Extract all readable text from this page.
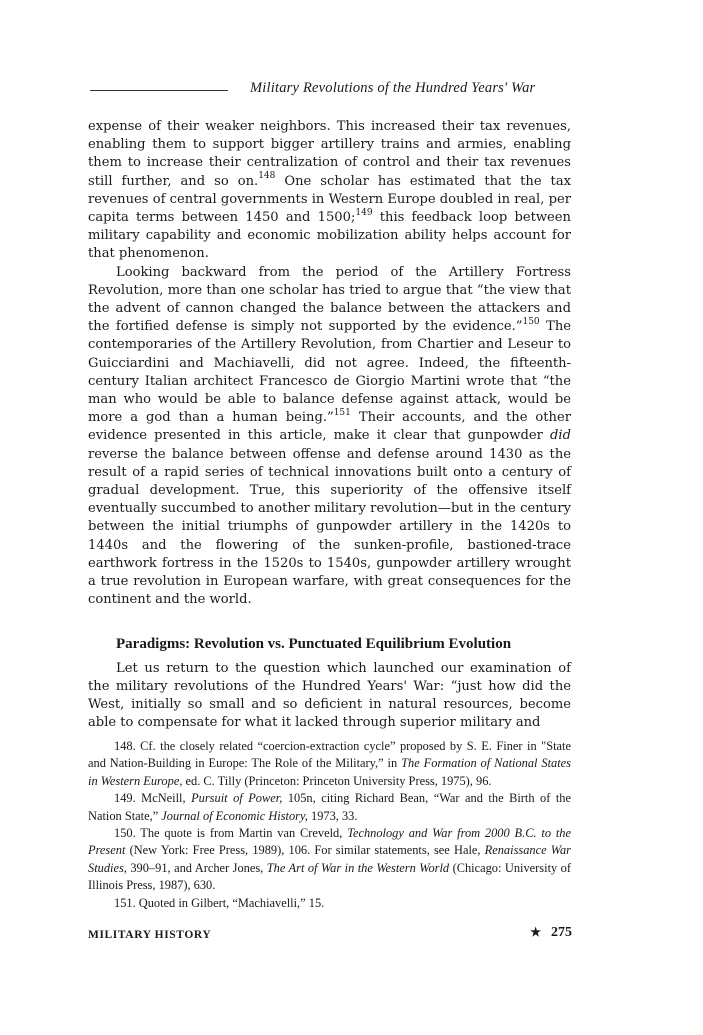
Military Revolutions of the Hundred Years' War

expense of their weaker neighbors. This increased their tax revenues, enabling them to support bigger artillery trains and armies, enabling them to increase their centralization of control and their tax revenues still further, and so on.$^{148}$ One scholar has estimated that the tax revenues of central governments in Western Europe doubled in real, per capita terms between 1450 and 1500;$^{149}$ this feedback loop between military capability and economic mobilization ability helps account for that phenomenon.

Looking backward from the period of the Artillery Fortress Revolution, more than one scholar has tried to argue that “the view that the advent of cannon changed the balance between the attackers and the fortified defense is simply not supported by the evidence.”$^{150}$ The contemporaries of the Artillery Revolution, from Chartier and Leseur to Guicciardini and Machiavelli, did not agree. Indeed, the fifteenth-century Italian architect Francesco de Giorgio Martini wrote that “the man who would be able to balance defense against attack, would be more a god than a human being.”$^{151}$ Their accounts, and the other evidence presented in this article, make it clear that gunpowder did reverse the balance between offense and defense around 1430 as the result of a rapid series of technical innovations built onto a century of gradual development. True, this superiority of the offensive itself eventually succumbed to another military revolution—but in the century between the initial triumphs of gunpowder artillery in the 1420s to 1440s and the flowering of the sunken-profile, bastioned-trace earthwork fortress in the 1520s to 1540s, gunpowder artillery wrought a true revolution in European warfare, with great consequences for the continent and the world.

Paradigms: Revolution vs. Punctuated Equilibrium Evolution

Let us return to the question which launched our examination of the military revolutions of the Hundred Years' War: “just how did the West, initially so small and so deficient in natural resources, become able to compensate for what it lacked through superior military and

148. Cf. the closely related “coercion-extraction cycle” proposed by S. E. Finer in "State and Nation-Building in Europe: The Role of the Military,” in The Formation of National States in Western Europe, ed. C. Tilly (Princeton: Princeton University Press, 1975), 96.

149. McNeill, Pursuit of Power, 105n, citing Richard Bean, “War and the Birth of the Nation State,” Journal of Economic History, 1973, 33.

150. The quote is from Martin van Creveld, Technology and War from 2000 B.C. to the Present (New York: Free Press, 1989), 106. For similar statements, see Hale, Renaissance War Studies, 390–91, and Archer Jones, The Art of War in the Western World (Chicago: University of Illinois Press, 1987), 630.

151. Quoted in Gilbert, “Machiavelli,” 15.

MILITARY HISTORY	★ 275
